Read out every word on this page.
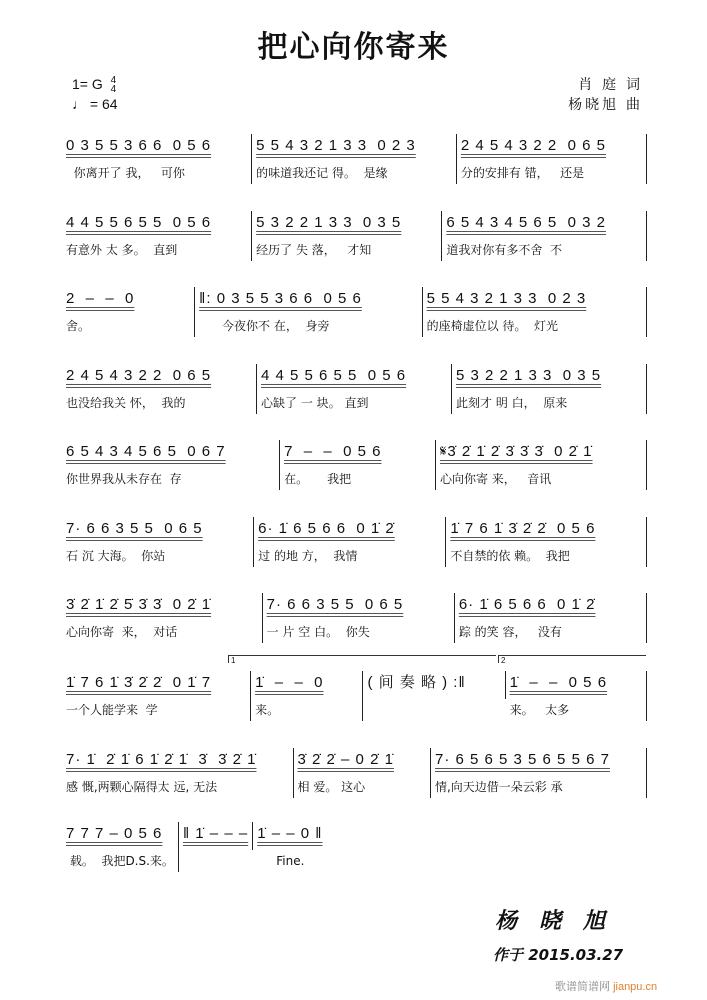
把心向你寄来
1= G 4
4
♩ = 64
肖 庭 词
杨晓旭 曲
0 3 5 5 3 6 6  0 5 6
你离开了 我，   可你
5 5 4 3 2 1 3 3  0 2 3
的味道我还记 得。  是缘
2 4 5 4 3 2 2  0 6 5
分的安排有 错，   还是
4 4 5 5 6 5 5  0 5 6
有意外 太 多。  直到
5 3 2 2 1 3 3  0 3 5
经历了 失 落，   才知
6 5 4 3 4 5 6 5  0 3 2
道我对你有多不舍  不
2  –  –  0
舍。
‖: 0 3 5 5 3 6 6  0 5 6
今夜你不 在，  身旁
5 5 4 3 2 1 3 3  0 2 3
的座椅虚位以 待。  灯光
2 4 5 4 3 2 2  0 6 5
也没给我关 怀，  我的
4 4 5 5 6 5 5  0 5 6
心缺了 一 块。 直到
5 3 2 2 1 3 3  0 3 5
此刻才 明 白，  原来
6 5 4 3 4 5 6 5  0 6 7
你世界我从未存在  存
7  –  –  0 5 6
在。     我把
𝄋3̇ 2̇ 1̇ 2̇ 3̇ 3̇ 3̇  0 2̇ 1̇
心向你寄 来，   音讯
7· 6 6 3 5 5  0 6 5
石 沉 大海。  你站
6· 1̇ 6 5 6 6  0 1̇ 2̇
过 的地 方，  我情
1̇ 7 6 1̇ 3̇ 2̇ 2̇  0 5 6
不自禁的依 赖。  我把
3̇ 2̇ 1̇ 2̇ 5̇ 3̇ 3̇  0 2̇ 1̇
心向你寄  来，  对话
7· 6 6 3 5 5  0 6 5
一 片 空 白。  你失
6· 1̇ 6 5 6 6  0 1̇ 2̇
踪 的笑 容，   没有
1̇ 7 6 1̇ 3̇ 2̇ 2̇  0 1̇ 7
一个人能学来  学
1̇  –  –  0
来。
( 间 奏 略 ) :‖	1̇  –  –  0 5 6
来。   太多
7· 1̇  2̇ 1̇ 6 1̇ 2̇ 1̇  3̇  3̇ 2̇ 1̇
感 慨,两颗心隔得太 远, 无法
3̇ 2̇ 2̇ – 0 2̇ 1̇
相 爱。 这心
7· 6 5 6 5 3 5 6 5 5 6 7
情,向天边借一朵云彩 承
7 7 7 – 0 5 6
载。  我把D.S.来。
‖ 1̇ – – – 1̇ – – 0 ‖
Fine.
1	2
杨晓旭
作于 2015.03.27
歌谱简谱网 jianpu.cn
